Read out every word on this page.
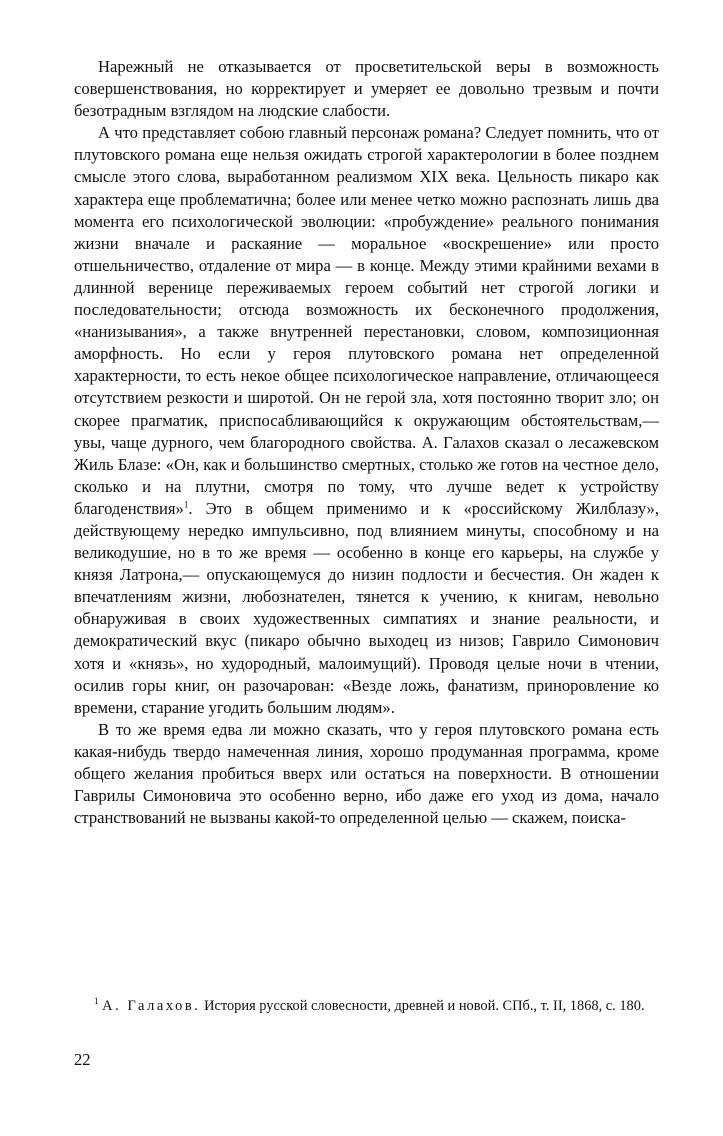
Нарежный не отказывается от просветительской веры в возможность совершенствования, но корректирует и умеряет ее довольно трезвым и почти безотрадным взглядом на людские слабости.

А что представляет собою главный персонаж романа? Следует помнить, что от плутовского романа еще нельзя ожидать строгой характерологии в более позднем смысле этого слова, выработанном реализмом XIX века. Цельность пикаро как характера еще проблематична; более или менее четко можно распознать лишь два момента его психологической эволюции: «пробуждение» реального понимания жизни вначале и раскаяние — моральное «воскрешение» или просто отшельничество, отдаление от мира — в конце. Между этими крайними вехами в длинной веренице переживаемых героем событий нет строгой логики и последовательности; отсюда возможность их бесконечного продолжения, «нанизывания», а также внутренней перестановки, словом, композиционная аморфность. Но если у героя плутовского романа нет определенной характерности, то есть некое общее психологическое направление, отличающееся отсутствием резкости и широтой. Он не герой зла, хотя постоянно творит зло; он скорее прагматик, приспосабливающийся к окружающим обстоятельствам,— увы, чаще дурного, чем благородного свойства. А. Галахов сказал о лесажевском Жиль Блазе: «Он, как и большинство смертных, столько же готов на честное дело, сколько и на плутни, смотря по тому, что лучше ведет к устройству благоденствия»$^1$. Это в общем применимо и к «российскому Жилблазу», действующему нередко импульсивно, под влиянием минуты, способному и на великодушие, но в то же время — особенно в конце его карьеры, на службе у князя Латрона,— опускающемуся до низин подлости и бесчестия. Он жаден к впечатлениям жизни, любознателен, тянется к учению, к книгам, невольно обнаруживая в своих художественных симпатиях и знание реальности, и демократический вкус (пикаро обычно выходец из низов; Гаврило Симонович хотя и «князь», но худородный, малоимущий). Проводя целые ночи в чтении, осилив горы книг, он разочарован: «Везде ложь, фанатизм, принoровление ко времени, старание угодить большим людям».

В то же время едва ли можно сказать, что у героя плутовского романа есть какая-нибудь твердо намеченная линия, хорошо продуманная программа, кроме общего желания пробиться вверх или остаться на поверхности. В отношении Гаврилы Симоновича это особенно верно, ибо даже его уход из дома, начало странствований не вызваны какой-то определенной целью — скажем, поиска-

$^1$ А. Галахов. История русской словесности, древней и новой. СПб., т. II, 1868, с. 180.

22
